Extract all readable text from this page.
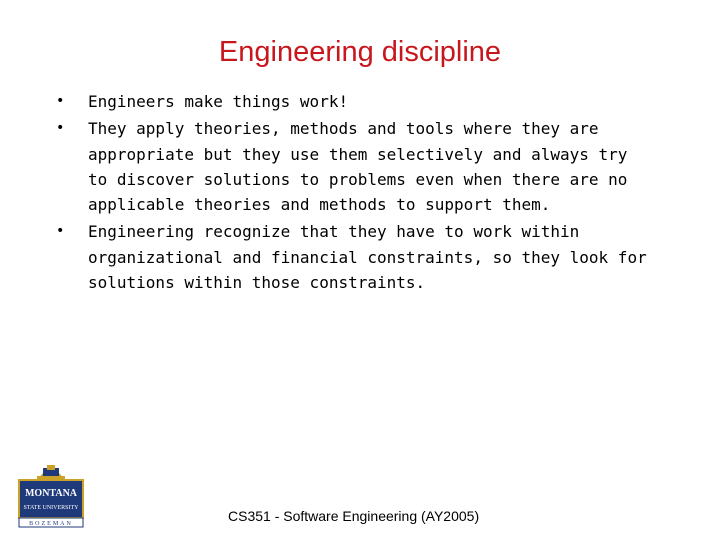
Engineering discipline
• Engineers make things work!
• They apply theories, methods and tools where they are appropriate but they use them selectively and always try to discover solutions to problems even when there are no applicable theories and methods to support them.
• Engineering recognize that they have to work within organizational and financial constraints, so they look for solutions within those constraints.
MONTANA
STATE UNIVERSITY
BOZEMAN	CS351 - Software Engineering (AY2005)
